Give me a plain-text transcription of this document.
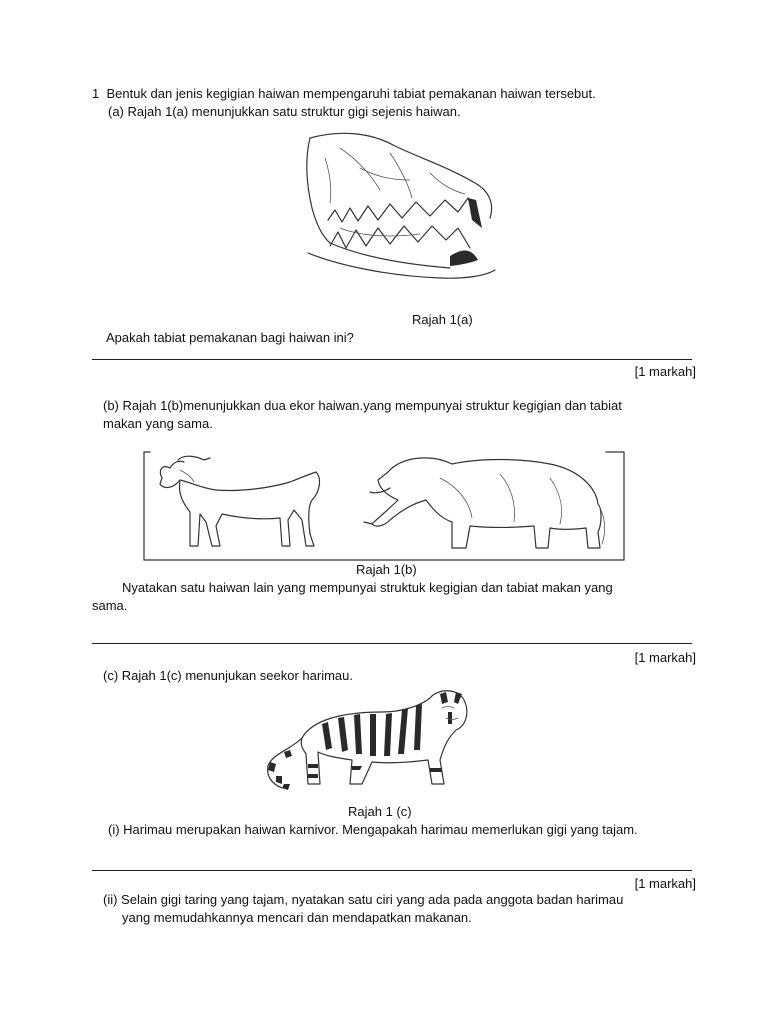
1 Bentuk dan jenis kegigian haiwan mempengaruhi tabiat pemakanan haiwan tersebut.
(a) Rajah 1(a) menunjukkan satu struktur gigi sejenis haiwan.
Rajah 1(a)
Apakah tabiat pemakanan bagi haiwan ini?
[1 markah]
(b) Rajah 1(b)menunjukkan dua ekor haiwan.yang mempunyai struktur kegigian dan tabiat
makan yang sama.
Rajah 1(b)
Nyatakan satu haiwan lain yang mempunyai struktuk kegigian dan tabiat makan yang
sama.
[1 markah]
(c) Rajah 1(c) menunjukan seekor harimau.
Rajah 1 (c)
(i) Harimau merupakan haiwan karnivor. Mengapakah harimau memerlukan gigi yang tajam.
[1 markah]
(ii) Selain gigi taring yang tajam, nyatakan satu ciri yang ada pada anggota badan harimau
yang memudahkannya mencari dan mendapatkan makanan.
